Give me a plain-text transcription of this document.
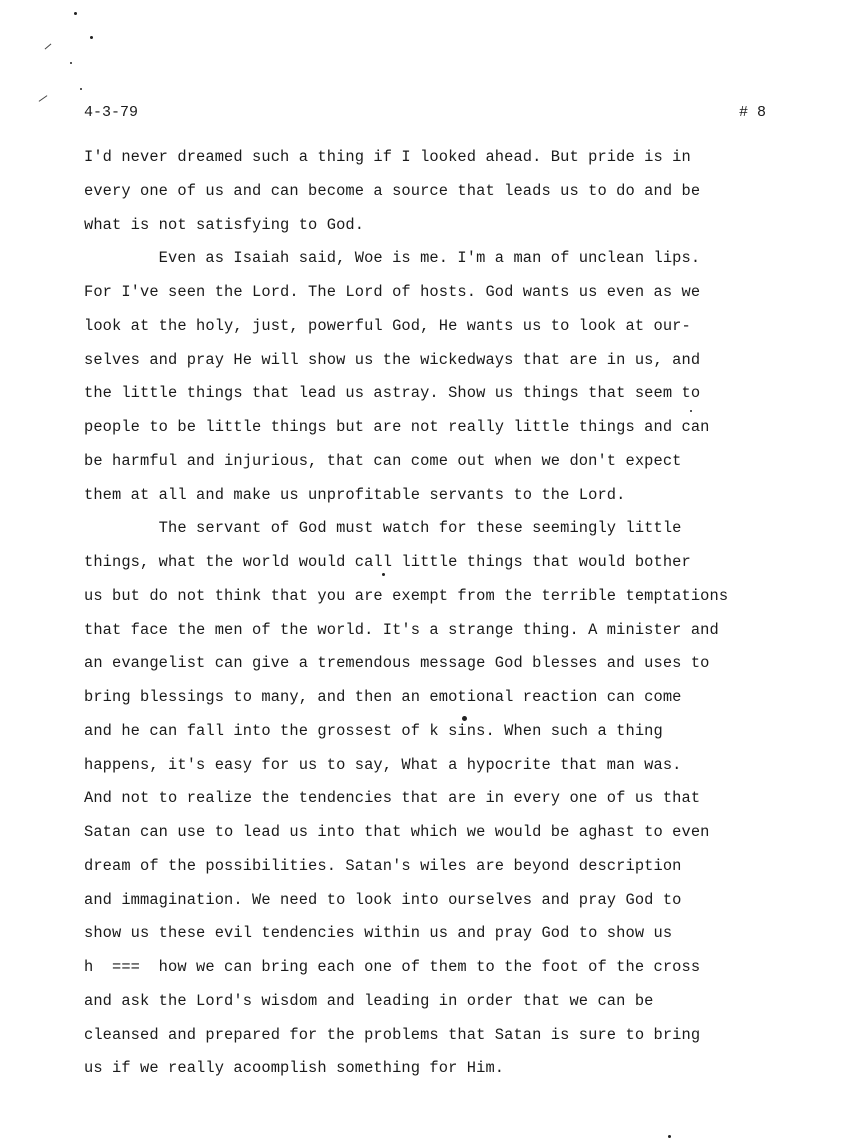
4-3-79	# 8
I'd never dreamed such a thing if I looked ahead. But pride is in
every one of us and can become a source that leads us to do and be
what is not satisfying to God.
Even as Isaiah said, Woe is me. I'm a man of unclean lips.
For I've seen the Lord. The Lord of hosts. God wants us even as we
look at the holy, just, powerful God, He wants us to look at our-
selves and pray He will show us the wickedways that are in us, and
the little things that lead us astray. Show us things that seem to
people to be little things but are not really little things and can
be harmful and injurious, that can come out when we don't expect
them at all and make us unprofitable servants to the Lord.
The servant of God must watch for these seemingly little
things, what the world would call little things that would bother
us but do not think that you are exempt from the terrible temptations
that face the men of the world. It's a strange thing. A minister and
an evangelist can give a tremendous message God blesses and uses to
bring blessings to many, and then an emotional reaction can come
and he can fall into the grossest of k sins. When such a thing
happens, it's easy for us to say, What a hypocrite that man was.
And not to realize the tendencies that are in every one of us that
Satan can use to lead us into that which we would be aghast to even
dream of the possibilities. Satan's wiles are beyond description
and immagination. We need to look into ourselves and pray God to
show us these evil tendencies within us and pray God to show us
h  ===  how we can bring each one of them to the foot of the cross
and ask the Lord's wisdom and leading in order that we can be
cleansed and prepared for the problems that Satan is sure to bring
us if we really acoomplish something for Him.
